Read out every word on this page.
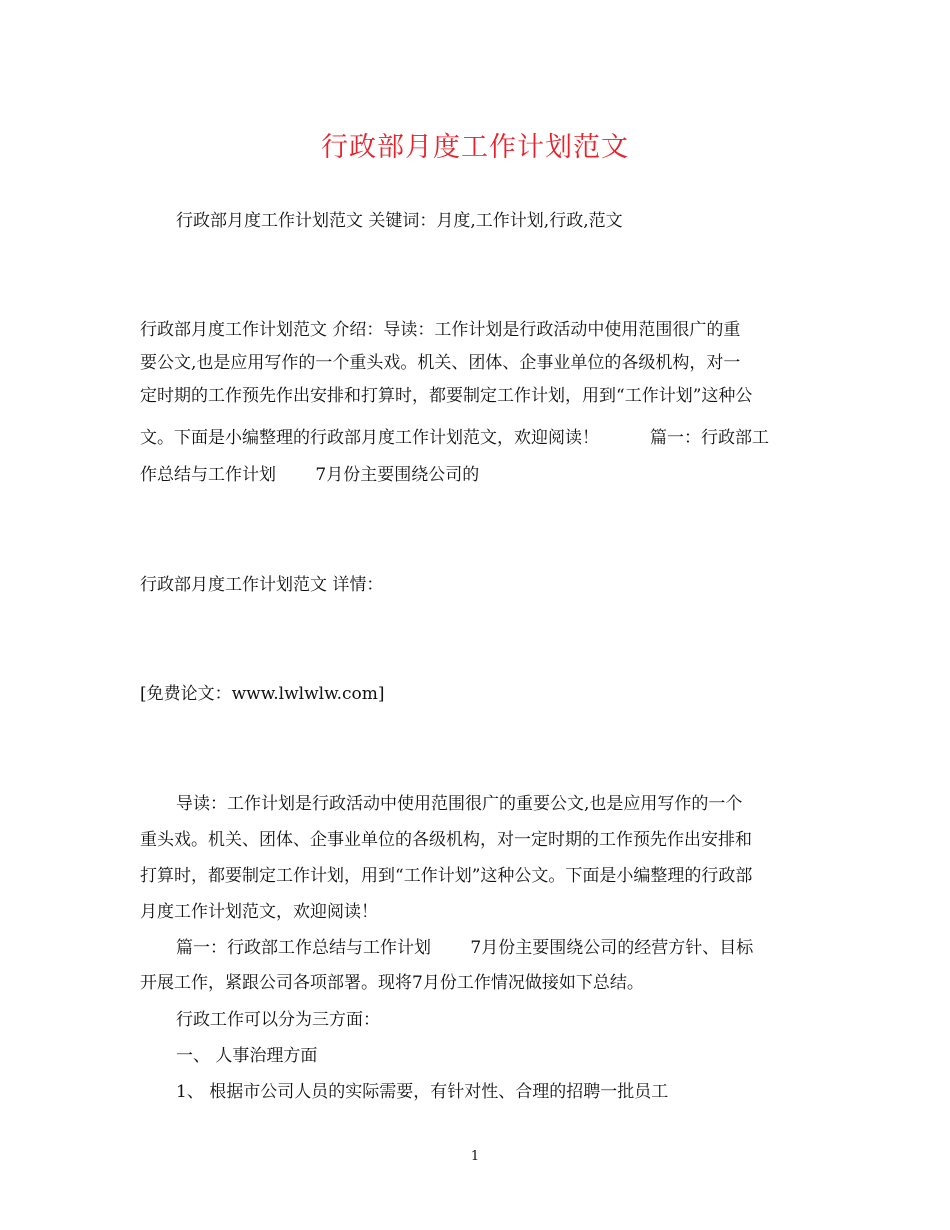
行政部月度工作计划范文
行政部月度工作计划范文 关键词：月度,工作计划,行政,范文
行政部月度工作计划范文 介绍：导读：工作计划是行政活动中使用范围很广的重
要公文,也是应用写作的一个重头戏。机关、团体、企事业单位的各级机构，对一
定时期的工作预先作出安排和打算时，都要制定工作计划，用到“工作计划”这种公
文。下面是小编整理的行政部月度工作计划范文，欢迎阅读！　　　篇一：行政部工
作总结与工作计划　　 7月份主要围绕公司的
行政部月度工作计划范文 详情：
[免费论文：www.lwlwlw.com]
导读：工作计划是行政活动中使用范围很广的重要公文,也是应用写作的一个
重头戏。机关、团体、企事业单位的各级机构，对一定时期的工作预先作出安排和
打算时，都要制定工作计划，用到“工作计划”这种公文。下面是小编整理的行政部
月度工作计划范文，欢迎阅读！
篇一：行政部工作总结与工作计划　　 7月份主要围绕公司的经营方针、目标
开展工作，紧跟公司各项部署。现将7月份工作情况做接如下总结。
行政工作可以分为三方面：
一、 人事治理方面
1、 根据市公司人员的实际需要，有针对性、合理的招聘一批员工
1
